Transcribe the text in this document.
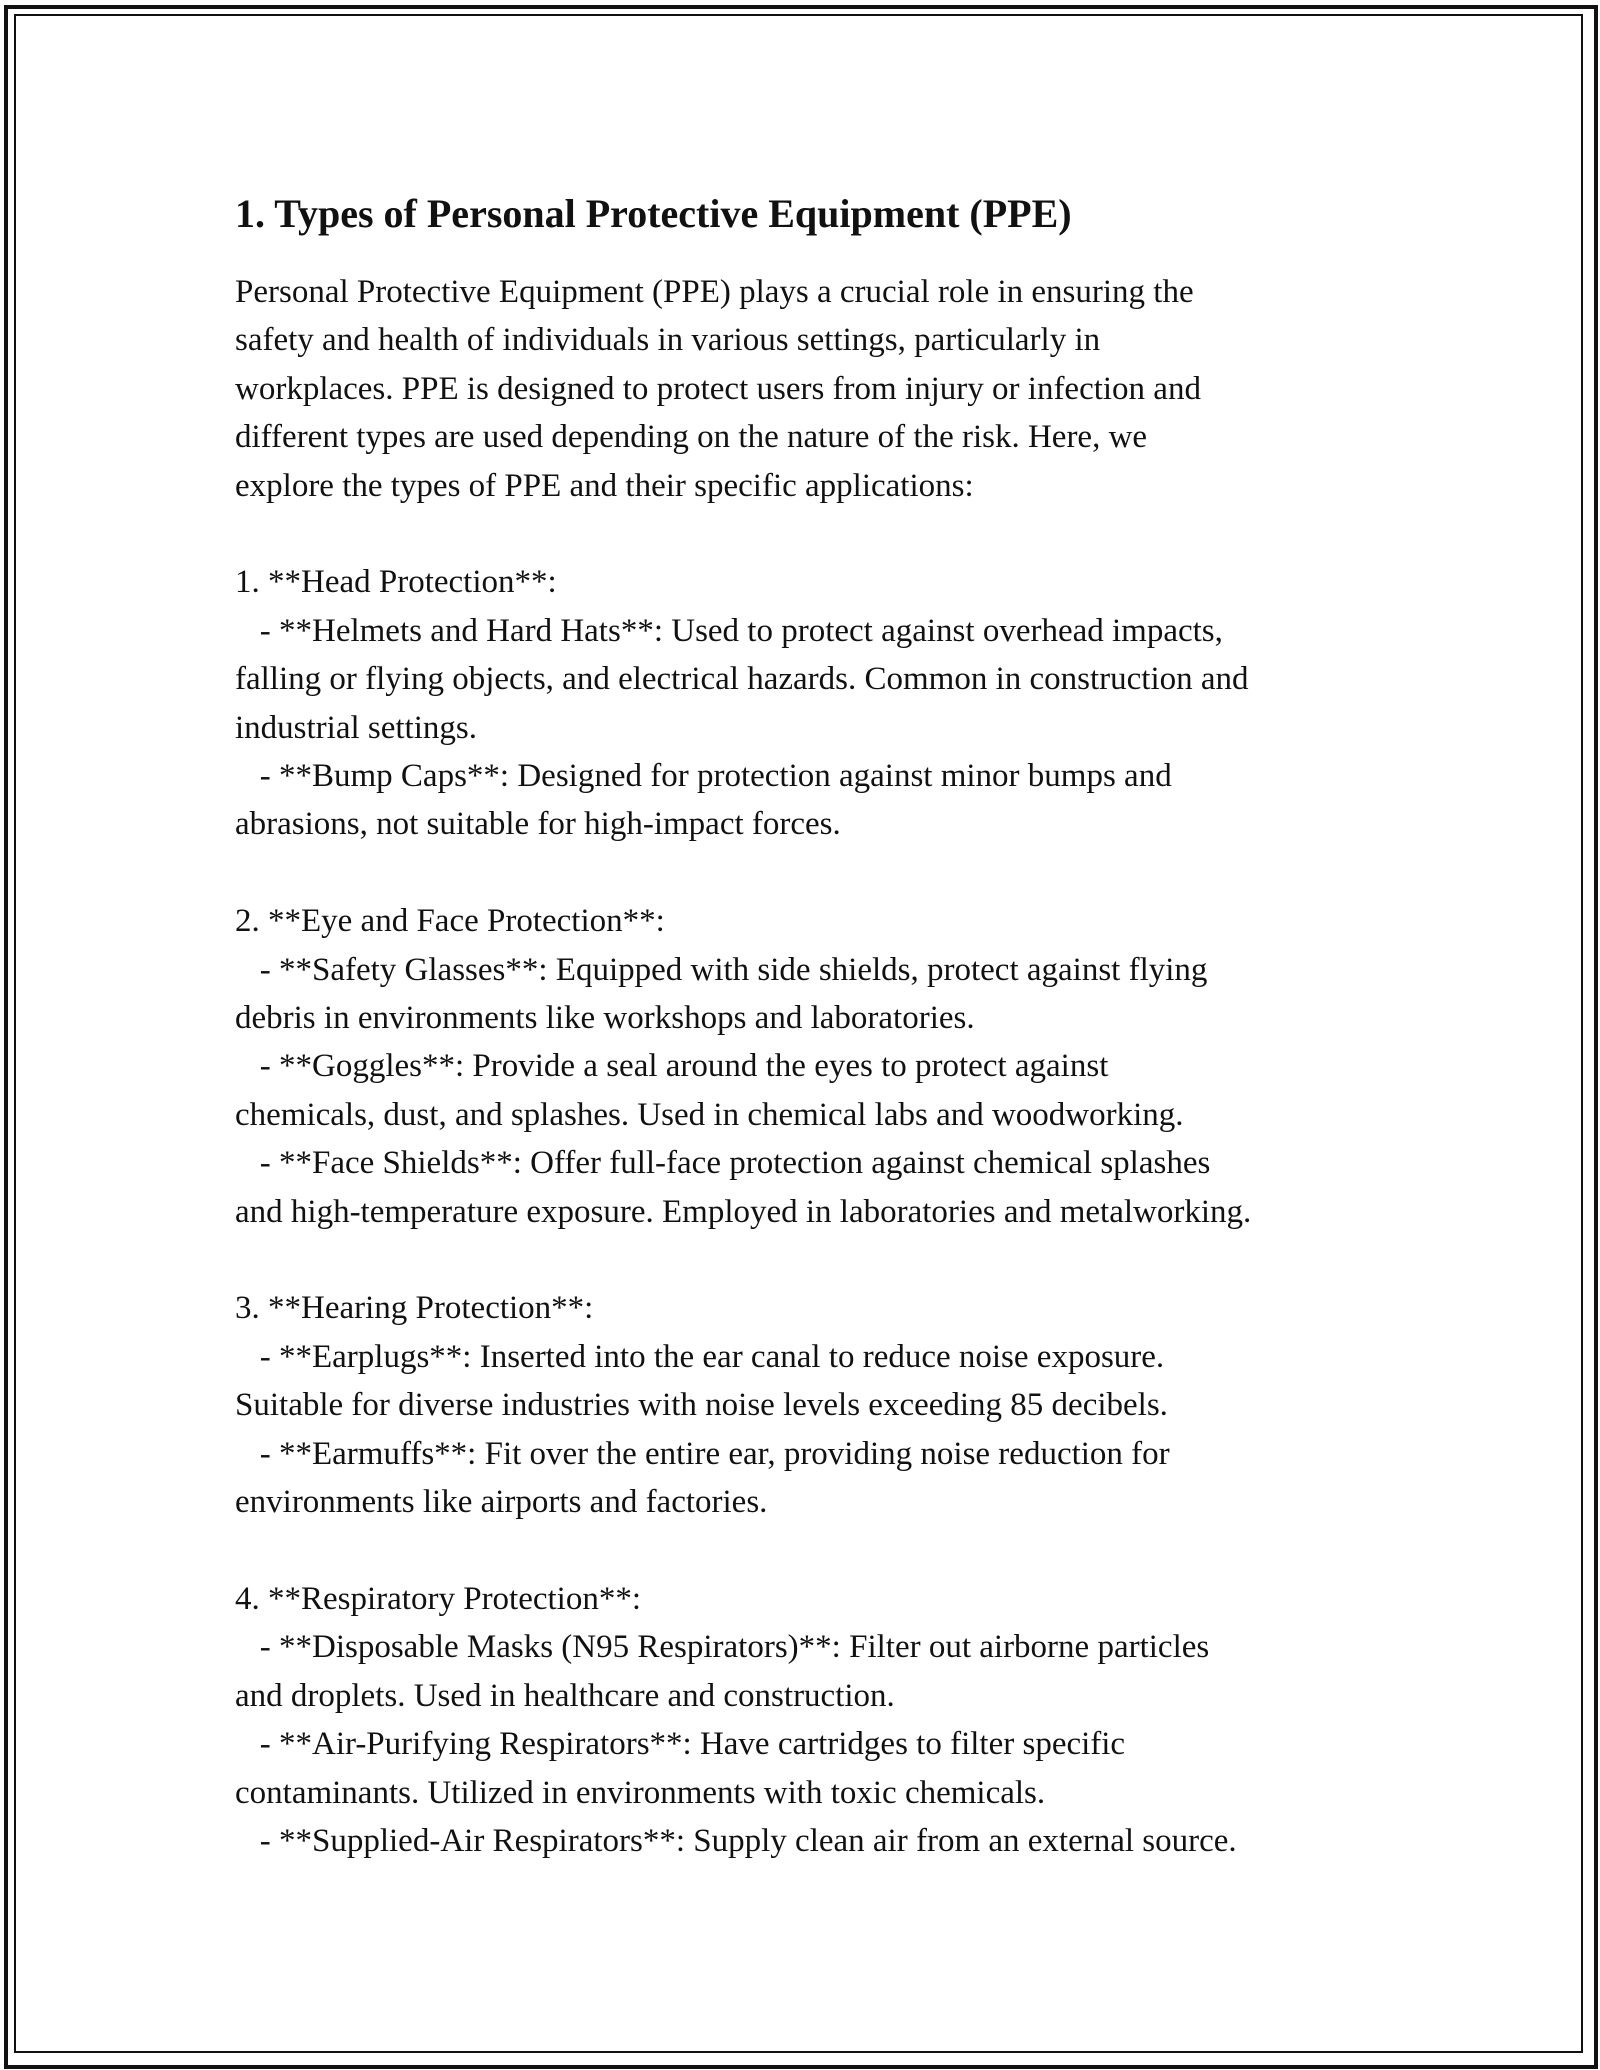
1. Types of Personal Protective Equipment (PPE)

Personal Protective Equipment (PPE) plays a crucial role in ensuring the
safety and health of individuals in various settings, particularly in
workplaces. PPE is designed to protect users from injury or infection and
different types are used depending on the nature of the risk. Here, we
explore the types of PPE and their specific applications:

1. **Head Protection**:

- **Helmets and Hard Hats**: Used to protect against overhead impacts,
falling or flying objects, and electrical hazards. Common in construction and
industrial settings.

- **Bump Caps**: Designed for protection against minor bumps and
abrasions, not suitable for high-impact forces.

2. **Eye and Face Protection**:

- **Safety Glasses**: Equipped with side shields, protect against flying
debris in environments like workshops and laboratories.

- **Goggles**: Provide a seal around the eyes to protect against
chemicals, dust, and splashes. Used in chemical labs and woodworking.

- **Face Shields**: Offer full-face protection against chemical splashes
and high-temperature exposure. Employed in laboratories and metalworking.

3. **Hearing Protection**:

- **Earplugs**: Inserted into the ear canal to reduce noise exposure.
Suitable for diverse industries with noise levels exceeding 85 decibels.

- **Earmuffs**: Fit over the entire ear, providing noise reduction for
environments like airports and factories.

4. **Respiratory Protection**:

- **Disposable Masks (N95 Respirators)**: Filter out airborne particles
and droplets. Used in healthcare and construction.

- **Air-Purifying Respirators**: Have cartridges to filter specific
contaminants. Utilized in environments with toxic chemicals.

- **Supplied-Air Respirators**: Supply clean air from an external source.
